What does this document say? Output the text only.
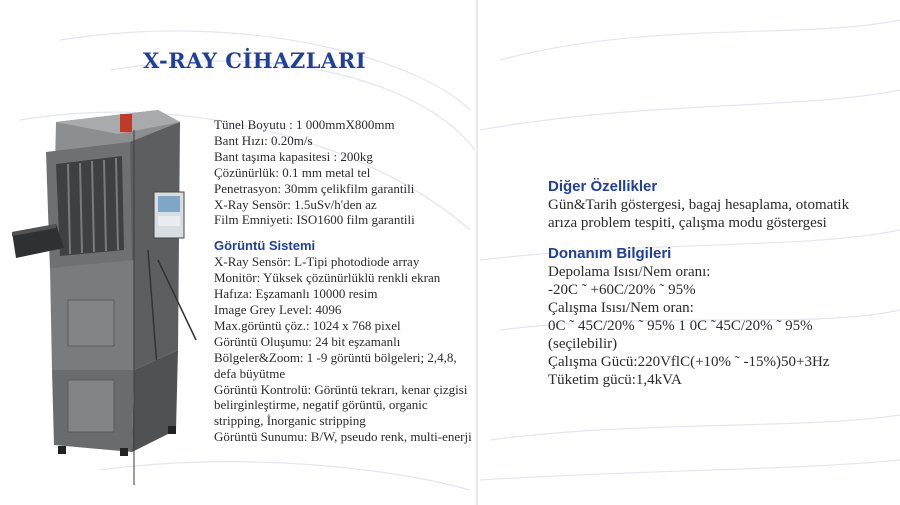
X-RAY CİHAZLARI
Tünel Boyutu : 1 000mmX800mm
Bant Hızı: 0.20m/s
Bant taşıma kapasitesi : 200kg
Çözünürlük: 0.1 mm metal tel
Penetrasyon: 30mm çelikfilm garantili
X-Ray Sensör: 1.5uSv/h'den az
Film Emniyeti: ISO1600 film garantili
Görüntü Sistemi
X-Ray Sensör: L-Tipi photodiode array
Monitör: Yüksek çözünürlüklü renkli ekran
Hafıza: Eşzamanlı 10000 resim
Image Grey Level: 4096
Max.görüntü çöz.: 1024 x 768 pixel
Görüntü Oluşumu: 24 bit eşzamanlı
Bölgeler&Zoom: 1 -9 görüntü bölgeleri; 2,4,8, defa büyütme
Görüntü Kontrolü: Görüntü tekrarı, kenar çizgisi belirginleştirme, negatif görüntü, organic stripping, İnorganic stripping
Görüntü Sunumu: B/W, pseudo renk, multi-enerji
Diğer Özellikler
Gün&Tarih göstergesi, bagaj hesaplama, otomatik arıza problem tespiti, çalışma modu göstergesi
Donanım Bilgileri
Depolama Isısı/Nem oranı:
-20C ˜ +60C/20% ˜ 95%
Çalışma Isısı/Nem oran:
0C ˜ 45C/20% ˜ 95% 1 0C ˜45C/20% ˜ 95%
(seçilebilir)
Çalışma Gücü:220VflC(+10% ˜ -15%)50+3Hz
Tüketim gücü:1,4kVA
